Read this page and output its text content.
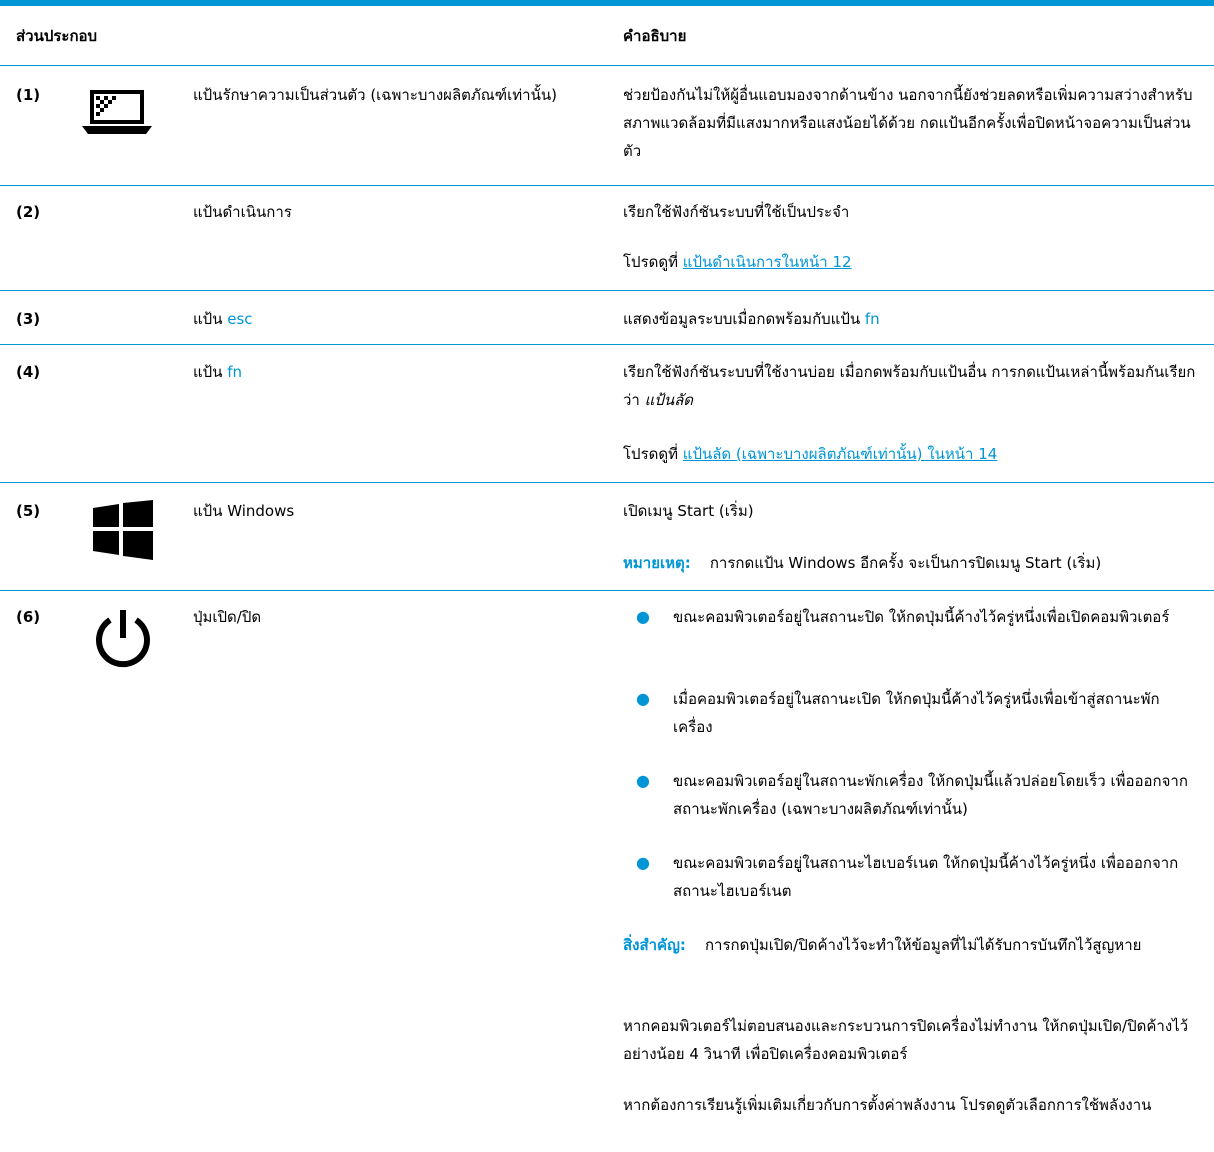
ส่วนประกอบ	คำอธิบาย
(1)	แป้นรักษาความเป็นส่วนตัว (เฉพาะบางผลิตภัณฑ์เท่านั้น)	ช่วยป้องกันไม่ให้ผู้อื่นแอบมองจากด้านข้าง นอกจากนี้ยังช่วยลดหรือเพิ่มความสว่างสำหรับสภาพแวดล้อมที่มีแสงมากหรือแสงน้อยได้ด้วย กดแป้นอีกครั้งเพื่อปิดหน้าจอความเป็นส่วนตัว
(2)	แป้นดำเนินการ	เรียกใช้ฟังก์ชันระบบที่ใช้เป็นประจำ
โปรดดูที่ แป้นดำเนินการในหน้า 12
(3)	แป้น esc	แสดงข้อมูลระบบเมื่อกดพร้อมกับแป้น fn
(4)	แป้น fn	เรียกใช้ฟังก์ชันระบบที่ใช้งานบ่อย เมื่อกดพร้อมกับแป้นอื่น การกดแป้นเหล่านี้พร้อมกันเรียกว่า แป้นลัด
โปรดดูที่ แป้นลัด (เฉพาะบางผลิตภัณฑ์เท่านั้น) ในหน้า 14
(5)	แป้น Windows	เปิดเมนู Start (เริ่ม)
หมายเหตุ: การกดแป้น Windows อีกครั้ง จะเป็นการปิดเมนู Start (เริ่ม)
(6)	ปุ่มเปิด/ปิด	● ขณะคอมพิวเตอร์อยู่ในสถานะปิด ให้กดปุ่มนี้ค้างไว้ครู่หนึ่งเพื่อเปิดคอมพิวเตอร์
● เมื่อคอมพิวเตอร์อยู่ในสถานะเปิด ให้กดปุ่มนี้ค้างไว้ครู่หนึ่งเพื่อเข้าสู่สถานะพักเครื่อง
● ขณะคอมพิวเตอร์อยู่ในสถานะพักเครื่อง ให้กดปุ่มนี้แล้วปล่อยโดยเร็ว เพื่อออกจากสถานะพักเครื่อง (เฉพาะบางผลิตภัณฑ์เท่านั้น)
● ขณะคอมพิวเตอร์อยู่ในสถานะไฮเบอร์เนต ให้กดปุ่มนี้ค้างไว้ครู่หนึ่ง เพื่อออกจากสถานะไฮเบอร์เนต
สิ่งสำคัญ: การกดปุ่มเปิด/ปิดค้างไว้จะทำให้ข้อมูลที่ไม่ได้รับการบันทึกไว้สูญหาย
หากคอมพิวเตอร์ไม่ตอบสนองและกระบวนการปิดเครื่องไม่ทำงาน ให้กดปุ่มเปิด/ปิดค้างไว้อย่างน้อย 4 วินาที เพื่อปิดเครื่องคอมพิวเตอร์
หากต้องการเรียนรู้เพิ่มเติมเกี่ยวกับการตั้งค่าพลังงาน โปรดดูตัวเลือกการใช้พลังงาน
